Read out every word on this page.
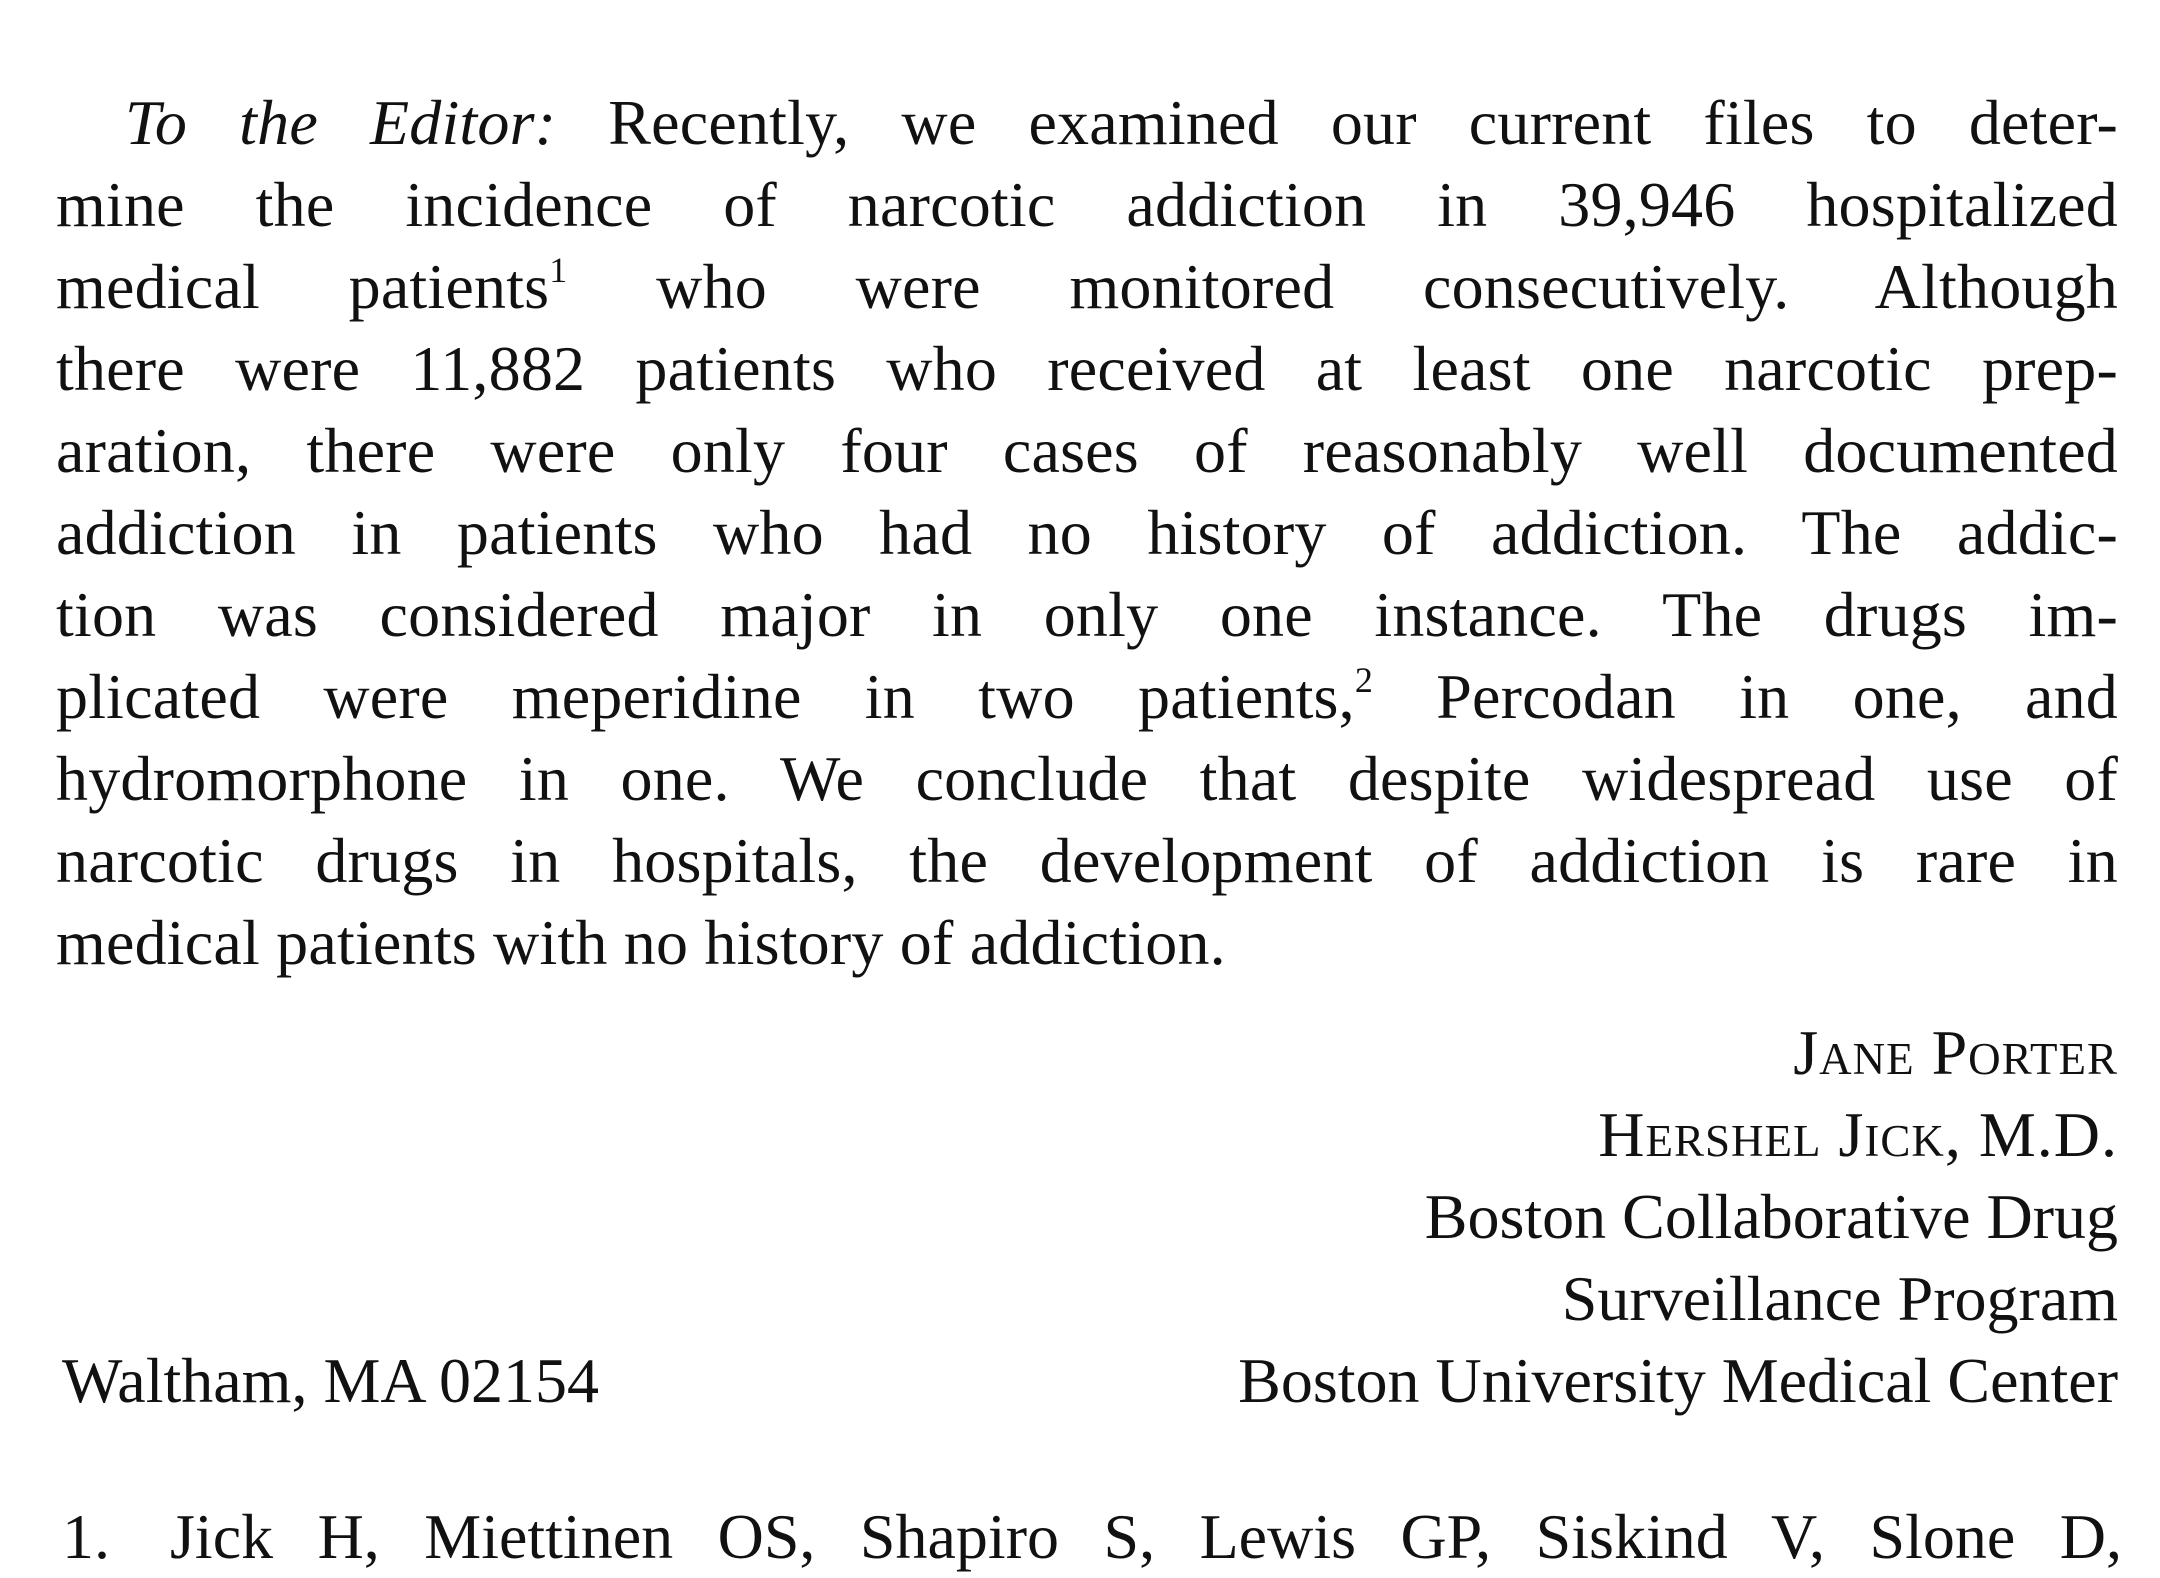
To the Editor: Recently, we examined our current files to deter-
mine the incidence of narcotic addiction in 39,946 hospitalized
medical patients$^1$ who were monitored consecutively. Although
there were 11,882 patients who received at least one narcotic prep-
aration, there were only four cases of reasonably well documented
addiction in patients who had no history of addiction. The addic-
tion was considered major in only one instance. The drugs im-
plicated were meperidine in two patients,$^2$ Percodan in one, and
hydromorphone in one. We conclude that despite widespread use of
narcotic drugs in hospitals, the development of addiction is rare in
medical patients with no history of addiction.
Jane Porter
Hershel Jick, M.D.
Boston Collaborative Drug
Surveillance Program
Boston University Medical Center
Waltham, MA 02154
1. Jick H, Miettinen OS, Shapiro S, Lewis GP, Siskind V, Slone D,
